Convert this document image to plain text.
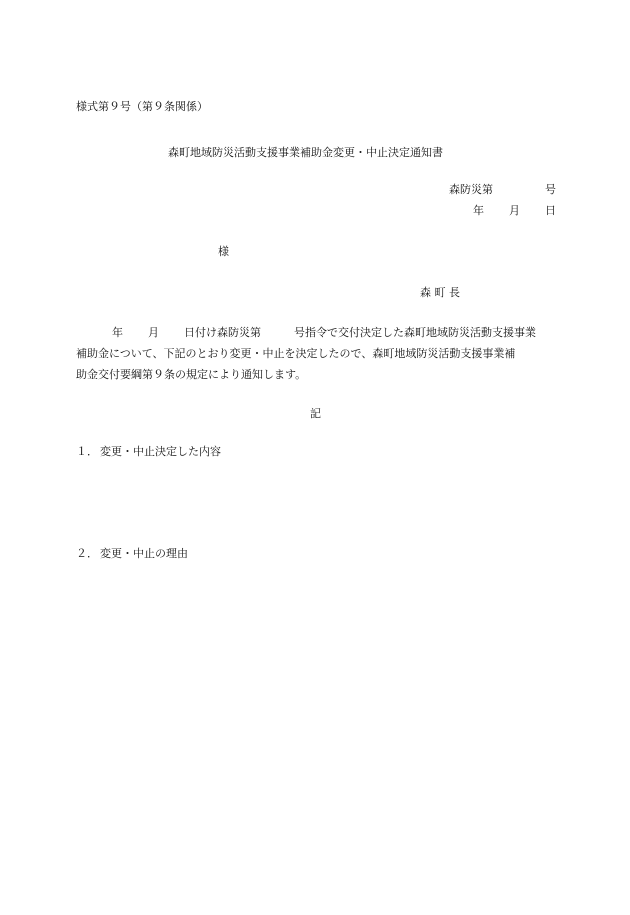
様式第９号（第９条関係）

森町地域防災活動支援事業補助金変更・中止決定通知書

森防災第	号

年 月 日

様

森 町 長

年 月 日付け森防災第	号指令で交付決定した森町地域防災活動支援事業

補助金について、下記のとおり変更・中止を決定したので、森町地域防災活動支援事業補

助金交付要綱第９条の規定により通知します。

記

１． 変更・中止決定した内容

２． 変更・中止の理由
